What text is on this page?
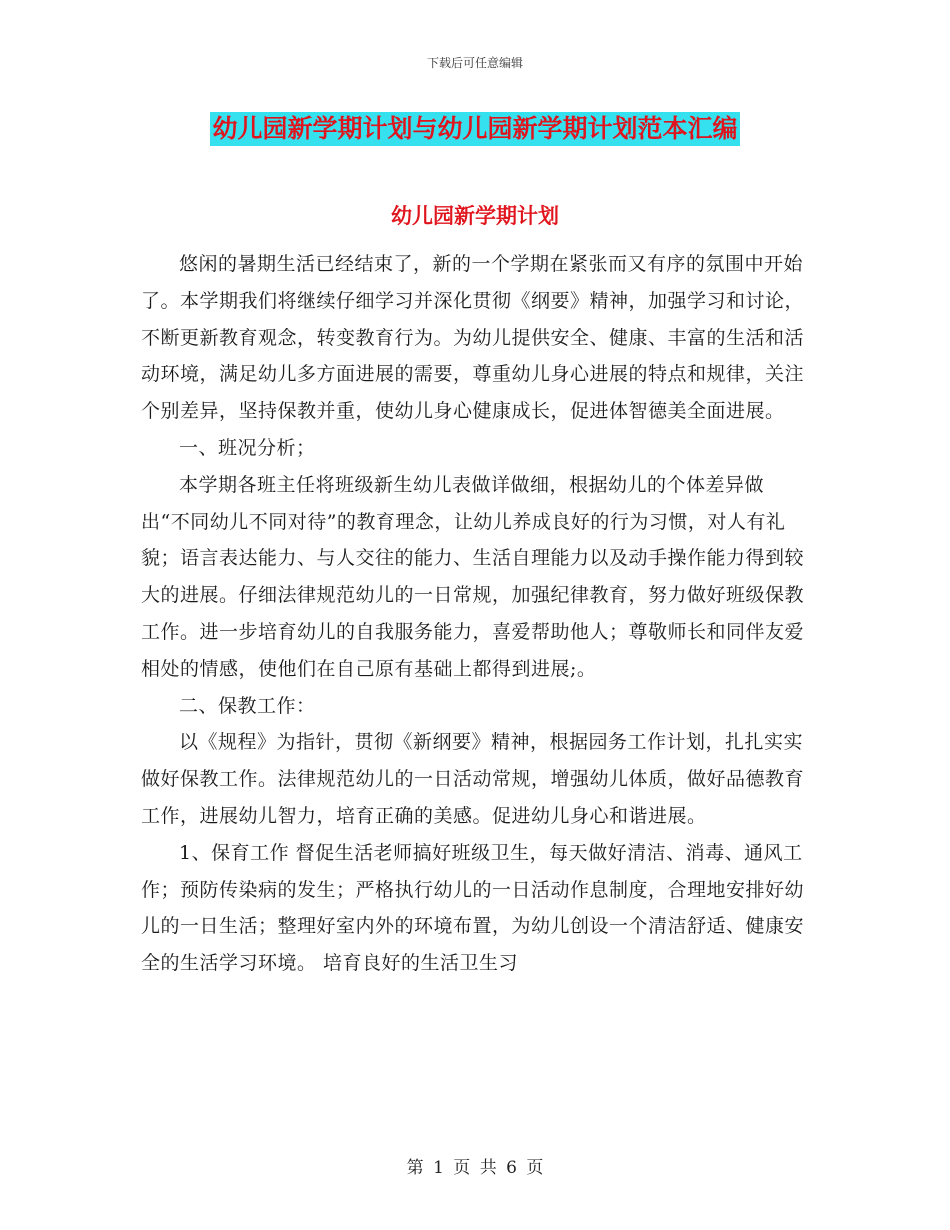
下载后可任意编辑
幼儿园新学期计划与幼儿园新学期计划范本汇编
幼儿园新学期计划

悠闲的暑期生活已经结束了，新的一个学期在紧张而又有序的氛围中开始了。本学期我们将继续仔细学习并深化贯彻《纲要》精神，加强学习和讨论，不断更新教育观念，转变教育行为。为幼儿提供安全、健康、丰富的生活和活动环境，满足幼儿多方面进展的需要，尊重幼儿身心进展的特点和规律，关注个别差异，坚持保教并重，使幼儿身心健康成长，促进体智德美全面进展。

一、班况分析；

本学期各班主任将班级新生幼儿表做详做细，根据幼儿的个体差异做出“不同幼儿不同对待”的教育理念，让幼儿养成良好的行为习惯，对人有礼貌；语言表达能力、与人交往的能力、生活自理能力以及动手操作能力得到较大的进展。仔细法律规范幼儿的一日常规，加强纪律教育，努力做好班级保教工作。进一步培育幼儿的自我服务能力，喜爱帮助他人；尊敬师长和同伴友爱相处的情感，使他们在自己原有基础上都得到进展;。

二、保教工作：

以《规程》为指针，贯彻《新纲要》精神，根据园务工作计划，扎扎实实做好保教工作。法律规范幼儿的一日活动常规，增强幼儿体质，做好品德教育工作，进展幼儿智力，培育正确的美感。促进幼儿身心和谐进展。

1、保育工作 督促生活老师搞好班级卫生，每天做好清洁、消毒、通风工作；预防传染病的发生；严格执行幼儿的一日活动作息制度，合理地安排好幼儿的一日生活；整理好室内外的环境布置，为幼儿创设一个清洁舒适、健康安全的生活学习环境。 培育良好的生活卫生习

第 1 页 共 6 页
